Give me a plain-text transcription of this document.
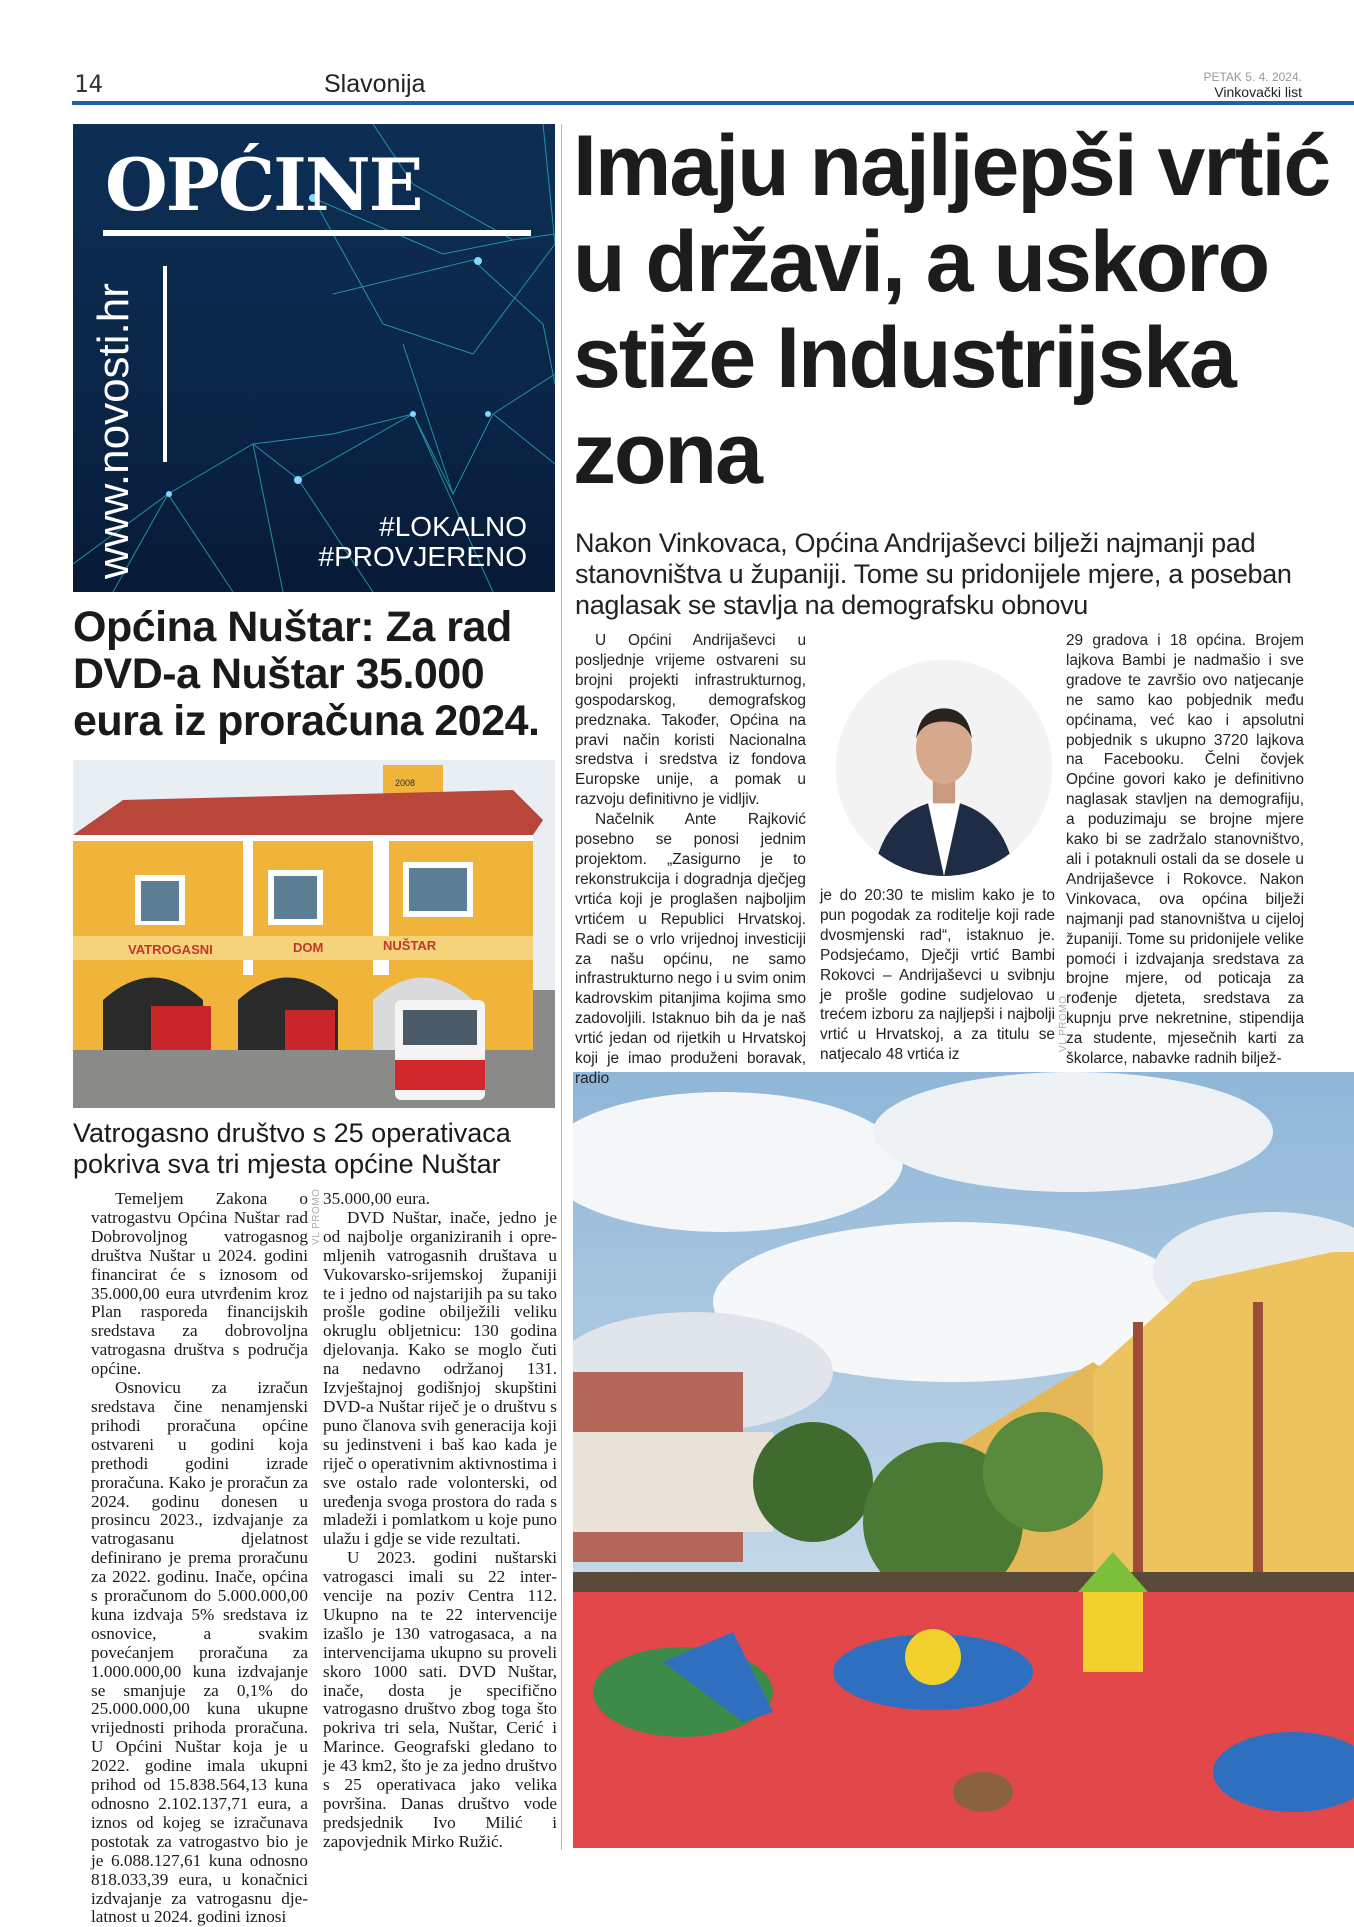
14	Slavonija	PETAK 5. 4. 2024.
Vinkovački list
OPĆINE
www.novosti.hr	#LOKALNO
#PROVJERENO
Općina Nuštar: Za rad DVD-a Nuštar 35.000 eura iz proračuna 2024.
2008
VATROGASNI	DOM	NUŠTAR
Vatrogasno društvo s 25 operativaca pokriva sva tri mjesta općine Nuštar

Temeljem Zakona o vatrogastvu Općina Nuštar rad Dobrovoljnog vatrogasnog društva Nuštar u 2024. godini financirat će s iznosom od 35.000,00 eura utvrđenim kroz Plan rasporeda financijskih sredstava za dobrovoljna vatrogasna društva s područja općine.

Osnovicu za izračun sredstava čine nenamjenski prihodi proračuna općine ostvareni u godini koja prethodi godini izrade proračuna. Kako je proračun za 2024. godinu donesen u prosincu 2023., izdvajanje za vatrogasanu djelatnost definirano je prema proračunu za 2022. godinu. Inače, općina s proračunom do 5.000.000,00 kuna izdvaja 5% sredstava iz osnovice, a svakim povećanjem proračuna za 1.000.000,00 kuna izdvajanje se smanjuje za 0,1% do 25.000.000,00 kuna ukupne vrijednosti prihoda proračuna. U Općini Nuštar koja je u 2022. godine imala ukupni prihod od 15.838.564,13 kuna odnosno 2.102.137,71 eura, a iznos od kojeg se izračunava postotak za vatrogastvo bio je je 6.088.127,61 kuna odnosno 818.033,39 eura, u konačnici izdvajanje za vatrogasnu djelatnost u 2024. godini iznosi

VL PROMO 35.000,00 eura.

DVD Nuštar, inače, jedno je od najbolje organiziranih i opremljenih vatrogasnih društava u Vukovarsko-srijemskoj županiji te i jedno od najstarijih pa su tako prošle godine obilježili veliku okruglu obljetnicu: 130 godina djelovanja. Kako se moglo čuti na nedavno održanoj 131. Izvještajnoj godišnjoj skupštini DVD-a Nuštar riječ je o društvu s puno članova svih generacija koji su jedinstveni i baš kao kada je riječ o operativnim aktivnostima i sve ostalo rade volonterski, od uređenja svoga prostora do rada s mladeži i pomlatkom u koje puno ulažu i gdje se vide rezultati.

U 2023. godini nuštarski vatrogasci imali su 22 intervencije na poziv Centra 112. Ukupno na te 22 intervencije izašlo je 130 vatrogasaca, a na intervencijama ukupno su proveli skoro 1000 sati. DVD Nuštar, inače, dosta je specifično vatrogasno društvo zbog toga što pokriva tri sela, Nuštar, Cerić i Marince. Geografski gledano to je 43 km2, što je za jedno društvo s 25 operativaca jako velika površina. Danas društvo vode predsjednik Ivo Milić i zapovjednik Mirko Ružić.

Imaju najljepši vrtić u državi, a uskoro stiže Industrijska zona
Nakon Vinkovaca, Općina Andrijaševci bilježi najmanji pad stanovništva u županiji. Tome su pridonijele mjere, a poseban naglasak se stavlja na demografsku obnovu

U Općini Andrijaševci u posljednje vrijeme ostvareni su brojni projekti infrastrukturnog, gospodarskog, demografskog predznaka. Također, Općina na pravi način koristi Nacionalna sredstva i sredstva iz fondova Europske unije, a pomak u razvoju definitivno je vidljiv.

Načelnik Ante Rajković posebno se ponosi jednim projektom. „Zasigurno je to rekonstrukcija i dogradnja dječjeg vrtića koji je proglašen najboljim vrtićem u Republici Hrvatskoj. Radi se o vrlo vrijednoj investiciji za našu općinu, ne samo infrastrukturno nego i u svim onim kadrovskim pitanjima kojima smo zadovoljili. Istaknuo bih da je naš vrtić jedan od rijetkih u Hrvatskoj koji je imao produženi boravak, radio

je do 20:30 te mislim kako je to pun pogodak za roditelje koji rade dvosmjenski rad“, istaknuo je. Podsjećamo, Dječji vrtić Bambi Rokovci – Andrijaševci u svibnju je prošle godine sudjelovao u trećem izboru za najljepši i najbolji vrtić u Hrvatskoj, a za titulu se natjecalo 48 vrtića iz

VL PROMO

29 gradova i 18 općina. Brojem lajkova Bambi je nadmašio i sve gradove te završio ovo natjecanje ne samo kao pobjednik među općinama, već kao i apsolutni pobjednik s ukupno 3720 lajkova na Facebooku. Čelni čovjek Općine govori kako je definitivno naglasak stavljen na demografiju, a poduzimaju se brojne mjere kako bi se zadržalo stanovništvo, ali i potaknuli ostali da se dosele u Andrijaševce i Rokovce. Nakon Vinkovaca, ova općina bilježi najmanji pad stanovništva u cijeloj županiji. Tome su pridonijele velike pomoći i izdvajanja sredstava za brojne mjere, od poticaja za rođenje djeteta, sredstava za kupnju prve nekretnine, stipendija za studente, mjesečnih karti za školarce, nabavke radnih biljež-
